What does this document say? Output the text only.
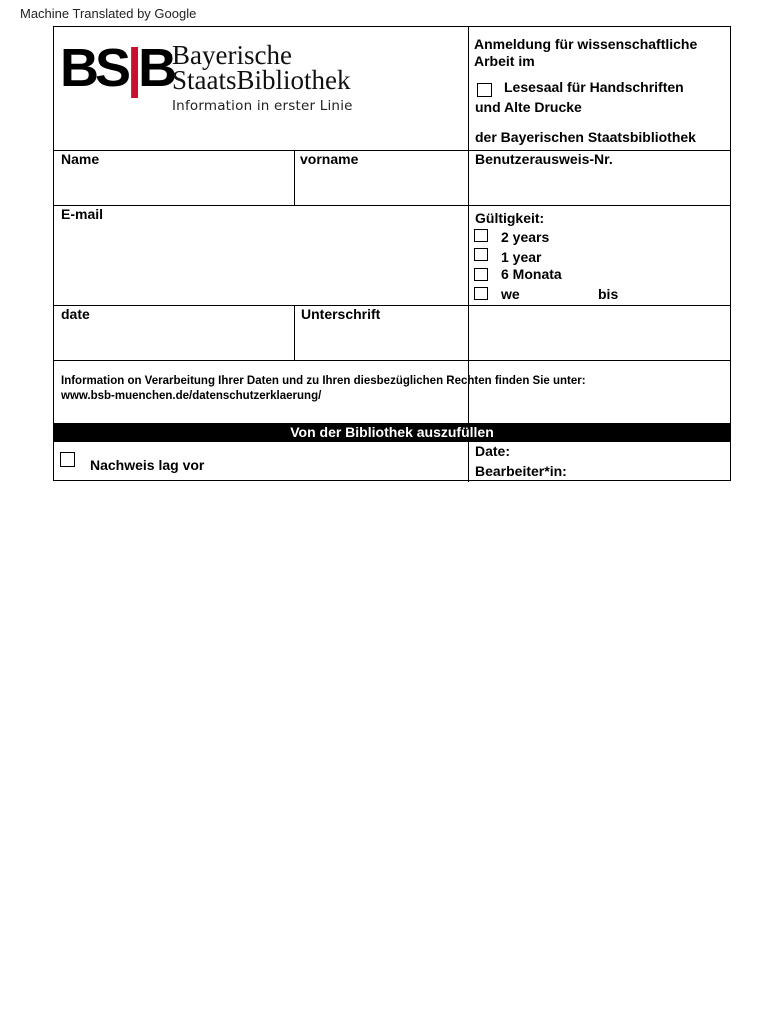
Machine Translated by Google
BS|B
Bayerische
StaatsBibliothek
Information in erster Linie
Anmeldung für wissenschaftliche
Arbeit im
Lesesaal für Handschriften
und Alte Drucke
der Bayerischen Staatsbibliothek
Name	vorname	Benutzerausweis-Nr.
E-mail	Gültigkeit:
2 years
1 year
6 Monata
we	bis
date	Unterschrift
Information on Verarbeitung Ihrer Daten und zu Ihren diesbezüglichen Rechten finden Sie unter:
www.bsb-muenchen.de/datenschutzerklaerung/
Von der Bibliothek auszufüllen
Nachweis lag vor
Date:
Bearbeiter*in:
